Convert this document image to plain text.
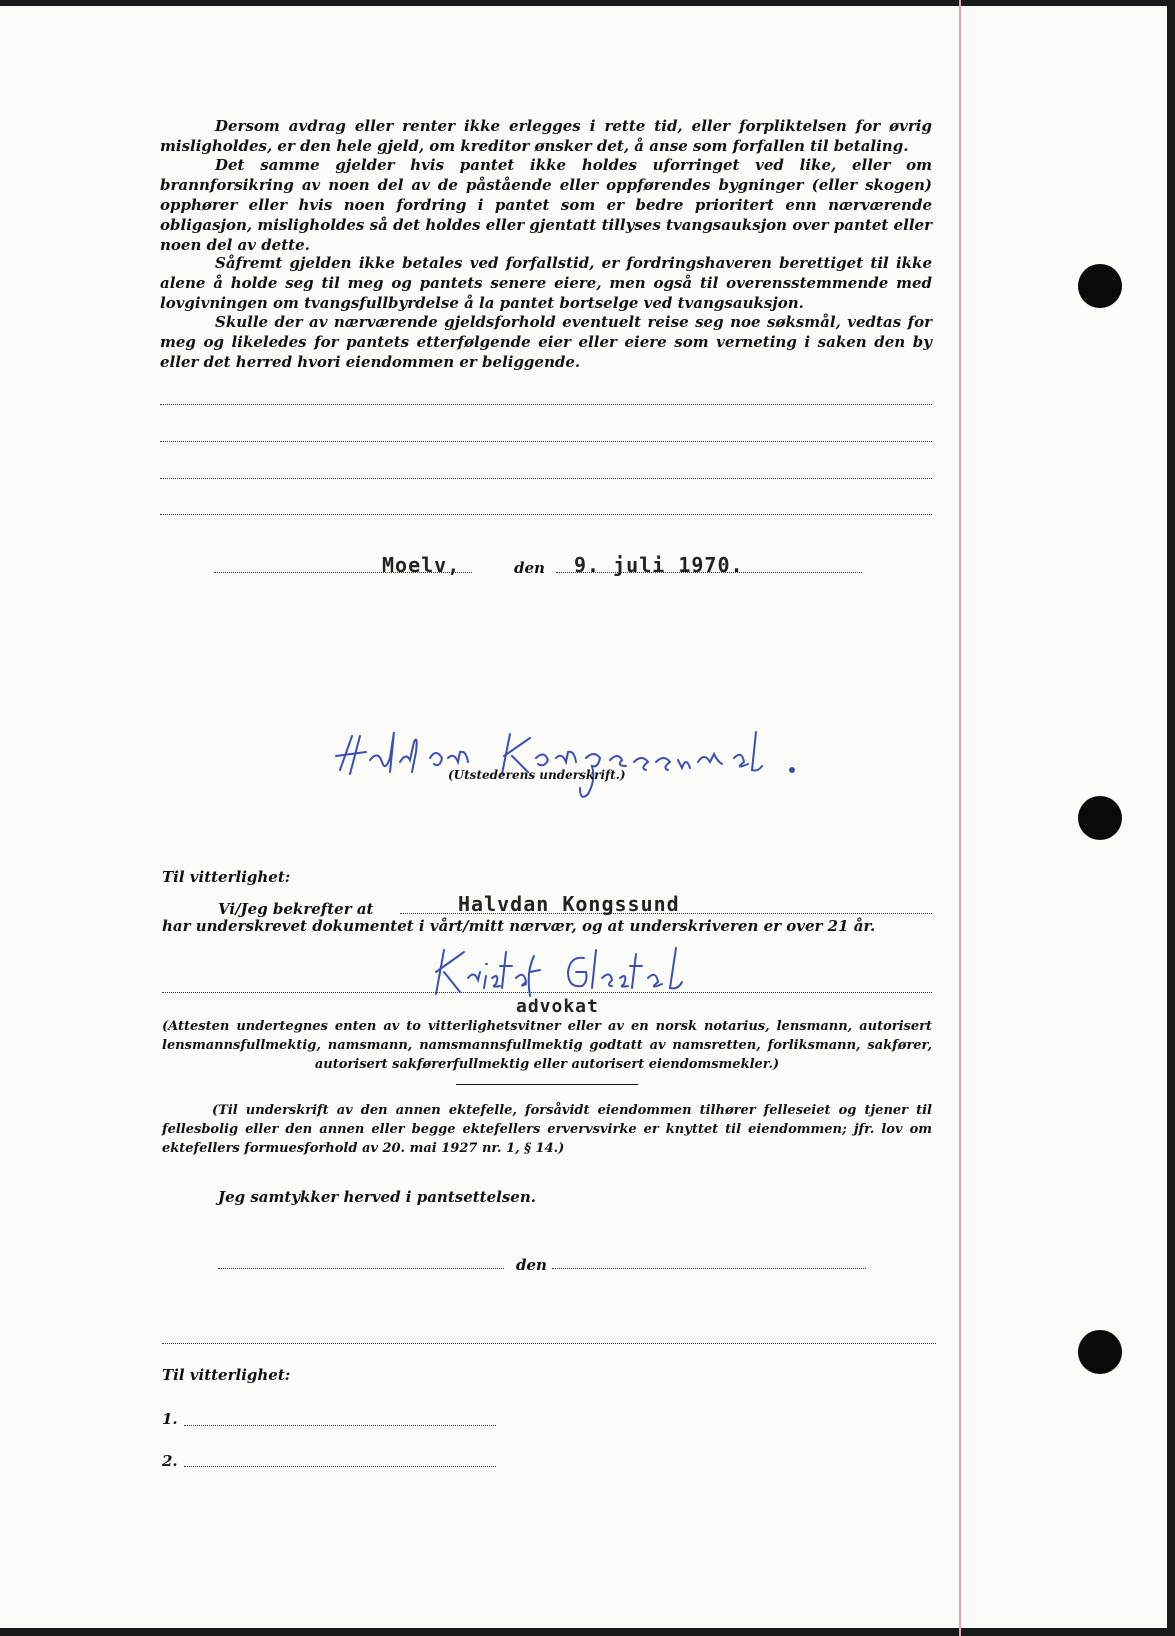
Dersom avdrag eller renter ikke erlegges i rette tid, eller forpliktelsen for øvrig misligholdes, er den hele gjeld, om kreditor ønsker det, å anse som forfallen til betaling.

Det samme gjelder hvis pantet ikke holdes uforringet ved like, eller om brannforsikring av noen del av de påstående eller oppførendes bygninger (eller skogen) opphører eller hvis noen fordring i pantet som er bedre prioritert enn nærværende obligasjon, misligholdes så det holdes eller gjentatt tillyses tvangsauksjon over pantet eller noen del av dette.

Såfremt gjelden ikke betales ved forfallstid, er fordringshaveren berettiget til ikke alene å holde seg til meg og pantets senere eiere, men også til overensstemmende med lovgivningen om tvangsfullbyrdelse å la pantet bortselge ved tvangsauksjon.

Skulle der av nærværende gjeldsforhold eventuelt reise seg noe søksmål, vedtas for meg og likeledes for pantets etterfølgende eier eller eiere som verneting i saken den by eller det herred hvori eiendommen er beliggende.

Moelv,	den 9. juli 1970.
(Utstederens underskrift.)
Til vitterlighet:
Vi/Jeg bekrefter at	Halvdan Kongssund

har underskrevet dokumentet i vårt/mitt nærvær, og at underskriveren er over 21 år.

advokat

(Attesten undertegnes enten av to vitterlighetsvitner eller av en norsk notarius, lensmann, autorisert lensmannsfullmektig, namsmann, namsmannsfullmektig godtatt av namsretten, forliksmann, sakfører, autorisert sakførerfullmektig eller autorisert eiendomsmekler.)

(Til underskrift av den annen ektefelle, forsåvidt eiendommen tilhører felleseiet og tjener til fellesbolig eller den annen eller begge ektefellers ervervsvirke er knyttet til eiendommen; jfr. lov om ektefellers formuesforhold av 20. mai 1927 nr. 1, § 14.)

Jeg samtykker herved i pantsettelsen.
den
Til vitterlighet:
1.
2.
